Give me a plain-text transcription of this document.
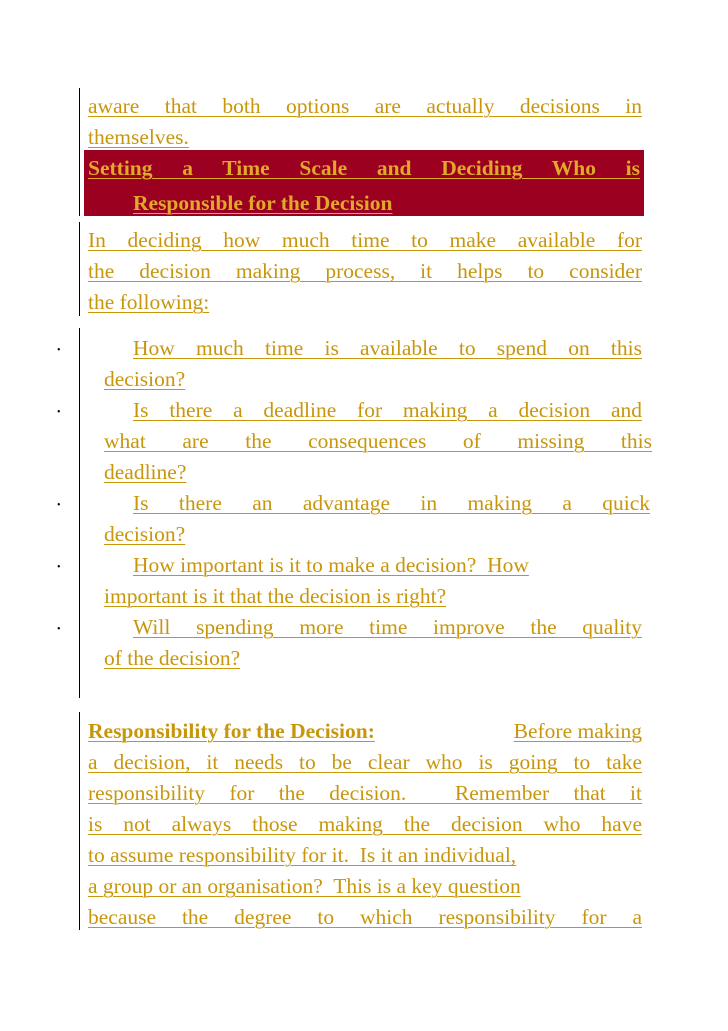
aware that both options are actually decisions in
themselves.
Setting a Time Scale and Deciding Who is
Responsible for the Decision
In deciding how much time to make available for
the decision making process, it helps to consider
the following:
•	How much time is available to spend on this
decision?
•	Is there a deadline for making a decision and
what are the consequences of missing this
deadline?
•	Is there an advantage in making a quick
decision?
•	How important is it to make a decision?  How
important is it that the decision is right?
•	Will spending more time improve the quality
of the decision?
Responsibility for the Decision:	Before making
a decision, it needs to be clear who is going to take
responsibility for the decision.  Remember that it
is not always those making the decision who have
to assume responsibility for it.  Is it an individual,
a group or an organisation?  This is a key question
because the degree to which responsibility for a
